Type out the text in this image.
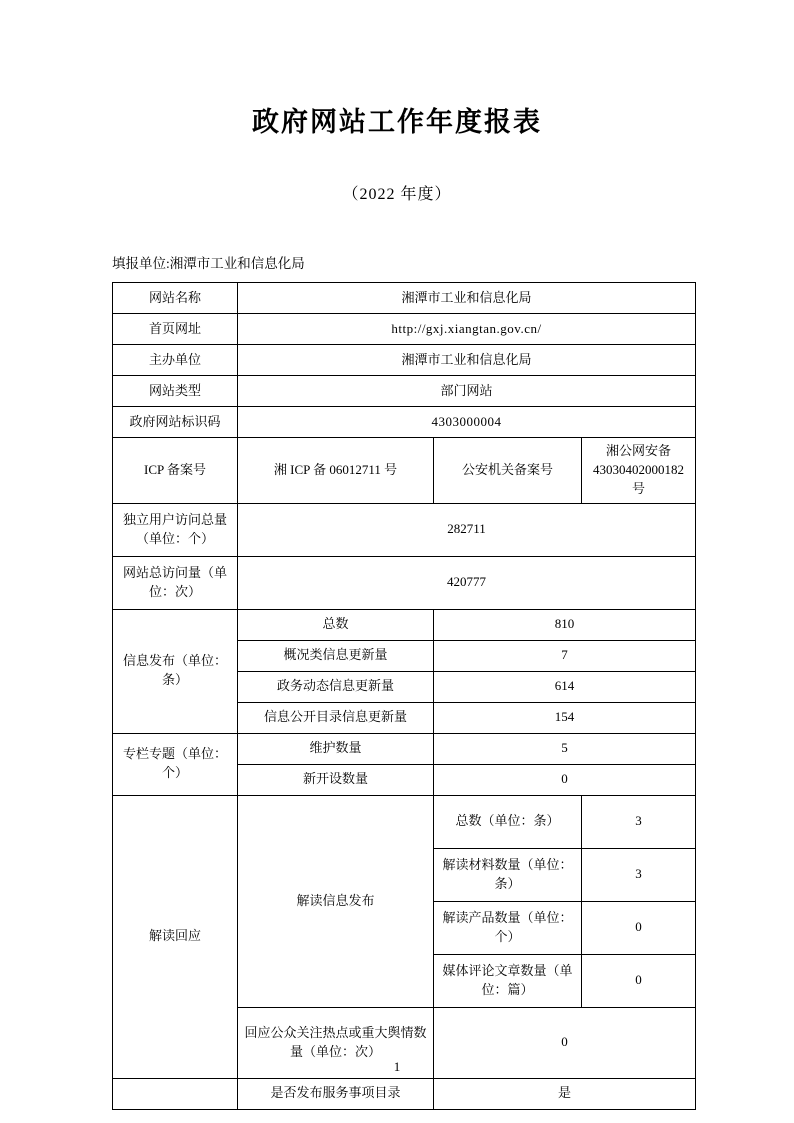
政府网站工作年度报表
（2022 年度）
填报单位:湘潭市工业和信息化局
网站名称	湘潭市工业和信息化局		
首页网址	http://gxj.xiangtan.gov.cn/		
主办单位	湘潭市工业和信息化局		
网站类型	部门网站		
政府网站标识码	4303000004		
ICP 备案号	湘 ICP 备 06012711 号	公安机关备案号	湘公网安备 43030402000182 号
独立用户访问总量（单位：个）	282711		
网站总访问量（单位：次）	420777		
信息发布（单位：条）	总数	810	
	概况类信息更新量	7	
	政务动态信息更新量	614	
	信息公开目录信息更新量	154	
专栏专题（单位：个）	维护数量	5	
	新开设数量	0	
解读回应	解读信息发布	总数（单位：条）	3
		解读材料数量（单位：条）	3
		解读产品数量（单位：个）	0
		媒体评论文章数量（单位：篇）	0
	回应公众关注热点或重大舆情数量（单位：次）	0	
	是否发布服务事项目录	是	
1
